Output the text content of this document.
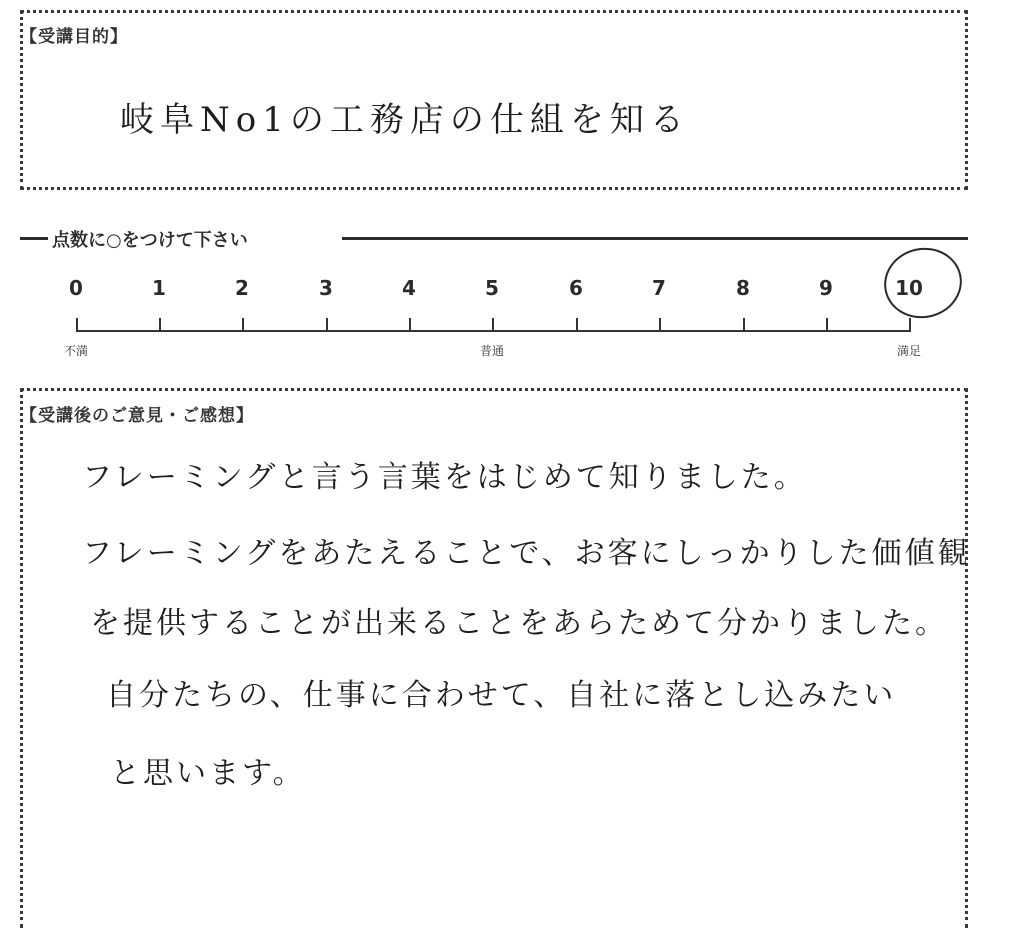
【受講目的】
岐阜No1の工務店の仕組を知る
点数に○をつけて下さい
0	1	2	3	4	5	6	7	8	9	10
不満	普通	満足
【受講後のご意見・ご感想】
フレーミングと言う言葉をはじめて知りました。
フレーミングをあたえることで、お客にしっかりした価値観
を提供することが出来ることをあらためて分かりました。
自分たちの、仕事に合わせて、自社に落とし込みたい
と思います。
